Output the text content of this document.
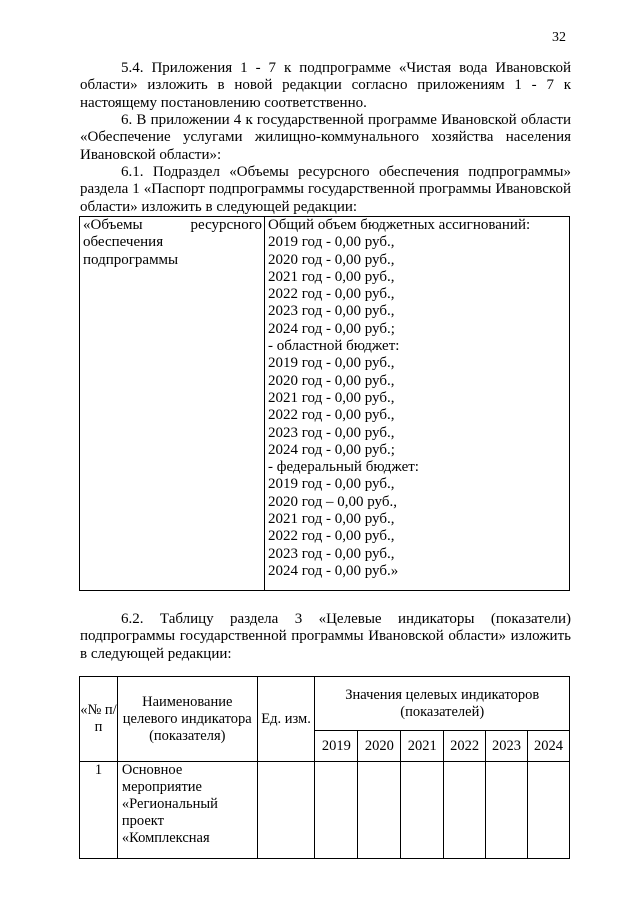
32

5.4. Приложения 1 - 7 к подпрограмме «Чистая вода Ивановской области» изложить в новой редакции согласно приложениям 1 - 7 к настоящему постановлению соответственно.

6. В приложении 4 к государственной программе Ивановской области «Обеспечение услугами жилищно-коммунального хозяйства населения Ивановской области»:

6.1. Подраздел «Объемы ресурсного обеспечения подпрограммы» раздела 1 «Паспорт подпрограммы государственной программы Ивановской области» изложить в следующей редакции:

«Объемы	ресурсного
обеспечения
подпрограммы

Общий объем бюджетных ассигнований:
2019 год - 0,00 руб.,
2020 год - 0,00 руб.,
2021 год - 0,00 руб.,
2022 год - 0,00 руб.,
2023 год - 0,00 руб.,
2024 год - 0,00 руб.;
- областной бюджет:
2019 год - 0,00 руб.,
2020 год - 0,00 руб.,
2021 год - 0,00 руб.,
2022 год - 0,00 руб.,
2023 год - 0,00 руб.,
2024 год - 0,00 руб.;
- федеральный бюджет:
2019 год - 0,00 руб.,
2020 год – 0,00 руб.,
2021 год - 0,00 руб.,
2022 год - 0,00 руб.,
2023 год - 0,00 руб.,
2024 год - 0,00 руб.»

6.2. Таблицу раздела 3 «Целевые индикаторы (показатели) подпрограммы государственной программы Ивановской области» изложить в следующей редакции:

«№ п/п	Наименование целевого индикатора (показателя)	Ед. изм.	Значения целевых индикаторов (показателей)					
			2019	2020	2021	2022	2023	2024
1	Основное
мероприятие
«Региональный
проект
«Комплексная							
